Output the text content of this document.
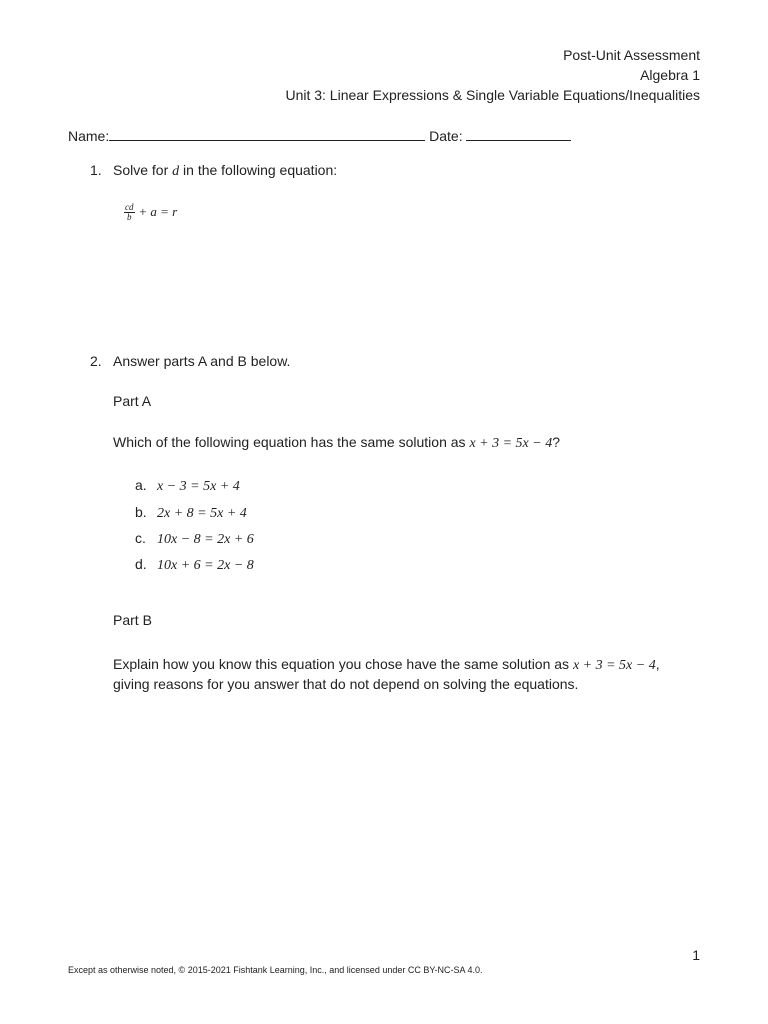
Post-Unit Assessment
Algebra 1
Unit 3: Linear Expressions & Single Variable Equations/Inequalities
Name:	Date:
1. Solve for d in the following equation:
$\frac{cd}{b} + a = r$
2. Answer parts A and B below.
Part A
Which of the following equation has the same solution as x + 3 = 5x − 4?
a. x − 3 = 5x + 4
b. 2x + 8 = 5x + 4
c. 10x − 8 = 2x + 6
d. 10x + 6 = 2x − 8
Part B
Explain how you know this equation you chose have the same solution as x + 3 = 5x − 4,
giving reasons for you answer that do not depend on solving the equations.
1
Except as otherwise noted, © 2015-2021 Fishtank Learning, Inc., and licensed under CC BY-NC-SA 4.0.
